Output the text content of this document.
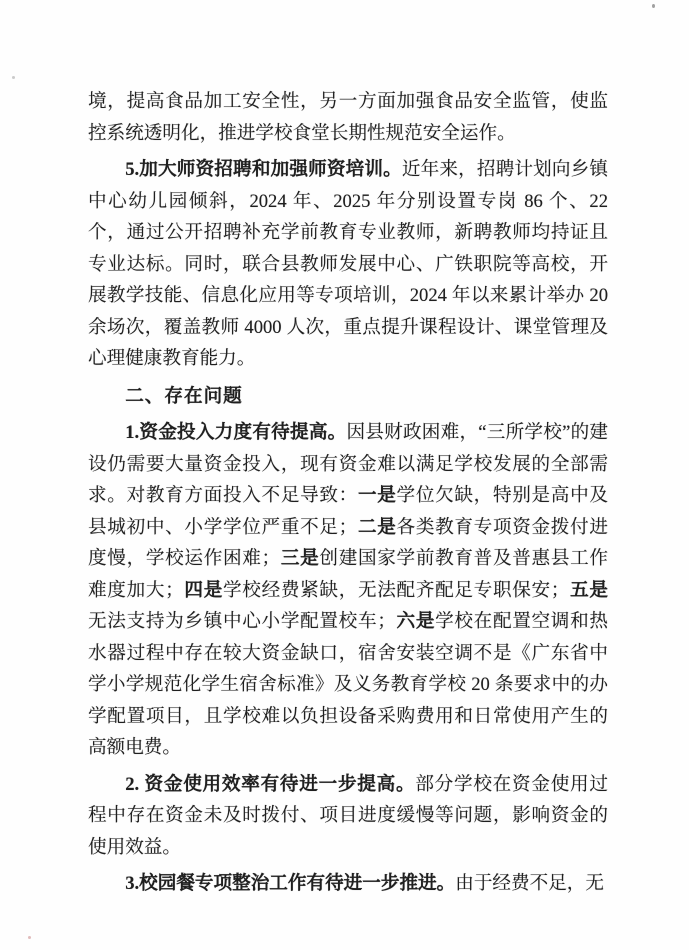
境，提高食品加工安全性，另一方面加强食品安全监管，使监控系统透明化，推进学校食堂长期性规范安全运作。

5.加大师资招聘和加强师资培训。近年来，招聘计划向乡镇中心幼儿园倾斜，2024 年、2025 年分别设置专岗 86 个、22 个，通过公开招聘补充学前教育专业教师，新聘教师均持证且专业达标。同时，联合县教师发展中心、广铁职院等高校，开展教学技能、信息化应用等专项培训，2024 年以来累计举办 20 余场次，覆盖教师 4000 人次，重点提升课程设计、课堂管理及心理健康教育能力。

二、存在问题

1.资金投入力度有待提高。因县财政困难，“三所学校”的建设仍需要大量资金投入，现有资金难以满足学校发展的全部需求。对教育方面投入不足导致：一是学位欠缺，特别是高中及县城初中、小学学位严重不足；二是各类教育专项资金拨付进度慢，学校运作困难；三是创建国家学前教育普及普惠县工作难度加大；四是学校经费紧缺，无法配齐配足专职保安；五是无法支持为乡镇中心小学配置校车；六是学校在配置空调和热水器过程中存在较大资金缺口，宿舍安装空调不是《广东省中学小学规范化学生宿舍标准》及义务教育学校 20 条要求中的办学配置项目，且学校难以负担设备采购费用和日常使用产生的高额电费。

2. 资金使用效率有待进一步提高。部分学校在资金使用过程中存在资金未及时拨付、项目进度缓慢等问题，影响资金的使用效益。

3.校园餐专项整治工作有待进一步推进。由于经费不足，无
